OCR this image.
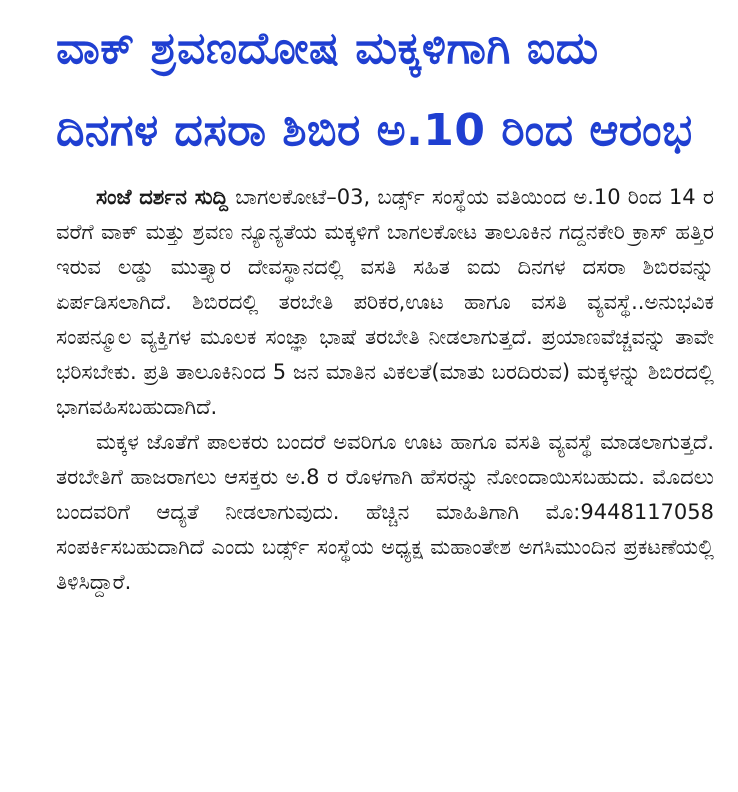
ವಾಕ್ ಶ್ರವಣದೋಷ ಮಕ್ಕಳಿಗಾಗಿ ಐದು
ದಿನಗಳ ದಸರಾ ಶಿಬಿರ ಅ.10 ರಿಂದ ಆರಂಭ

ಸಂಜೆ ದರ್ಶನ ಸುದ್ದಿ ಬಾಗಲಕೋಟೆ–03, ಬರ್ಡ್ಸ್ ಸಂಸ್ಥೆಯ ವತಿಯಿಂದ ಅ.10 ರಿಂದ 14 ರ ವರೆಗೆ ವಾಕ್ ಮತ್ತು ಶ್ರವಣ ನ್ಯೂನ್ಯತೆಯ ಮಕ್ಕಳಿಗೆ ಬಾಗಲಕೋಟ ತಾಲೂಕಿನ ಗದ್ದನಕೇರಿ ಕ್ರಾಸ್ ಹತ್ತಿರ ಇರುವ ಲಡ್ಡು ಮುತ್ತ್ಯಾರ ದೇವಸ್ಥಾನದಲ್ಲಿ ವಸತಿ ಸಹಿತ ಐದು ದಿನಗಳ ದಸರಾ ಶಿಬಿರವನ್ನು ಏರ್ಪಡಿಸಲಾಗಿದೆ. ಶಿಬಿರದಲ್ಲಿ ತರಬೇತಿ ಪರಿಕರ,ಊಟ ಹಾಗೂ ವಸತಿ ವ್ಯವಸ್ಥೆ..ಅನುಭವಿಕ ಸಂಪನ್ಮೂಲ ವ್ಯಕ್ತಿಗಳ ಮೂಲಕ ಸಂಜ್ಞಾ ಭಾಷೆ ತರಬೇತಿ ನೀಡಲಾಗುತ್ತದೆ. ಪ್ರಯಾಣವೆಚ್ಚವನ್ನು ತಾವೇ ಭರಿಸಬೇಕು. ಪ್ರತಿ ತಾಲೂಕಿನಿಂದ 5 ಜನ ಮಾತಿನ ವಿಕಲತೆ(ಮಾತು ಬರದಿರುವ) ಮಕ್ಕಳನ್ನು ಶಿಬಿರದಲ್ಲಿ ಭಾಗವಹಿಸಬಹುದಾಗಿದೆ.

ಮಕ್ಕಳ ಜೊತೆಗೆ ಪಾಲಕರು ಬಂದರೆ ಅವರಿಗೂ ಊಟ ಹಾಗೂ ವಸತಿ ವ್ಯವಸ್ಥೆ ಮಾಡಲಾಗುತ್ತದೆ. ತರಬೇತಿಗೆ ಹಾಜರಾಗಲು ಆಸಕ್ತರು ಅ.8 ರ ರೊಳಗಾಗಿ ಹೆಸರನ್ನು ನೋಂದಾಯಿಸಬಹುದು. ಮೊದಲು ಬಂದವರಿಗೆ ಆದ್ಯತೆ ನೀಡಲಾಗುವುದು. ಹೆಚ್ಚಿನ ಮಾಹಿತಿಗಾಗಿ ಮೊ:9448117058 ಸಂಪರ್ಕಿಸಬಹುದಾಗಿದೆ ಎಂದು ಬರ್ಡ್ಸ್ ಸಂಸ್ಥೆಯ ಅಧ್ಯಕ್ಷ ಮಹಾಂತೇಶ ಅಗಸಿಮುಂದಿನ ಪ್ರಕಟಣೆಯಲ್ಲಿ ತಿಳಿಸಿದ್ದಾರೆ.
